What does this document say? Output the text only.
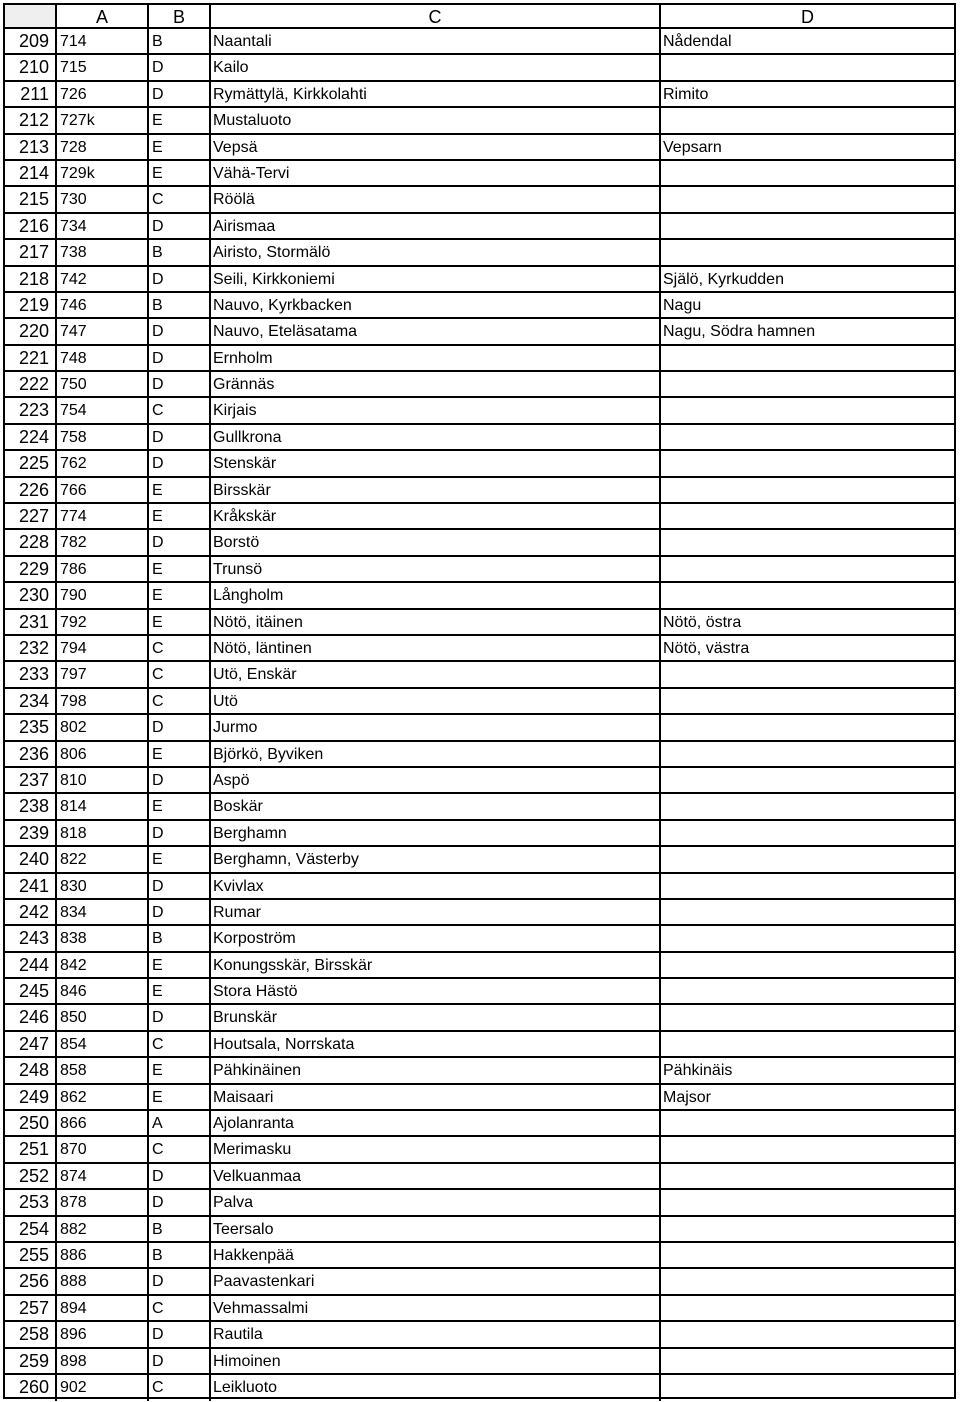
A	B	C	D
209 714	B	Naantali	Nådendal
210 715	D	Kailo
211 726	D	Rymättylä, Kirkkolahti	Rimito
212 727k	E	Mustaluoto
213 728	E	Vepsä	Vepsarn
214 729k	E	Vähä-Tervi
215 730	C	Röölä
216 734	D	Airismaa
217 738	B	Airisto, Stormälö
218 742	D	Seili, Kirkkoniemi	Själö, Kyrkudden
219 746	B	Nauvo, Kyrkbacken	Nagu
220 747	D	Nauvo, Eteläsatama	Nagu, Södra hamnen
221 748	D	Ernholm
222 750	D	Grännäs
223 754	C	Kirjais
224 758	D	Gullkrona
225 762	D	Stenskär
226 766	E	Birsskär
227 774	E	Kråkskär
228 782	D	Borstö
229 786	E	Trunsö
230 790	E	Långholm
231 792	E	Nötö, itäinen	Nötö, östra
232 794	C	Nötö, läntinen	Nötö, västra
233 797	C	Utö, Enskär
234 798	C	Utö
235 802	D	Jurmo
236 806	E	Björkö, Byviken
237 810	D	Aspö
238 814	E	Boskär
239 818	D	Berghamn
240 822	E	Berghamn, Västerby
241 830	D	Kvivlax
242 834	D	Rumar
243 838	B	Korpoström
244 842	E	Konungsskär, Birsskär
245 846	E	Stora Hästö
246 850	D	Brunskär
247 854	C	Houtsala, Norrskata
248 858	E	Pähkinäinen	Pähkinäis
249 862	E	Maisaari	Majsor
250 866	A	Ajolanranta
251 870	C	Merimasku
252 874	D	Velkuanmaa
253 878	D	Palva
254 882	B	Teersalo
255 886	B	Hakkenpää
256 888	D	Paavastenkari
257 894	C	Vehmassalmi
258 896	D	Rautila
259 898	D	Himoinen
260 902	C	Leikluoto
